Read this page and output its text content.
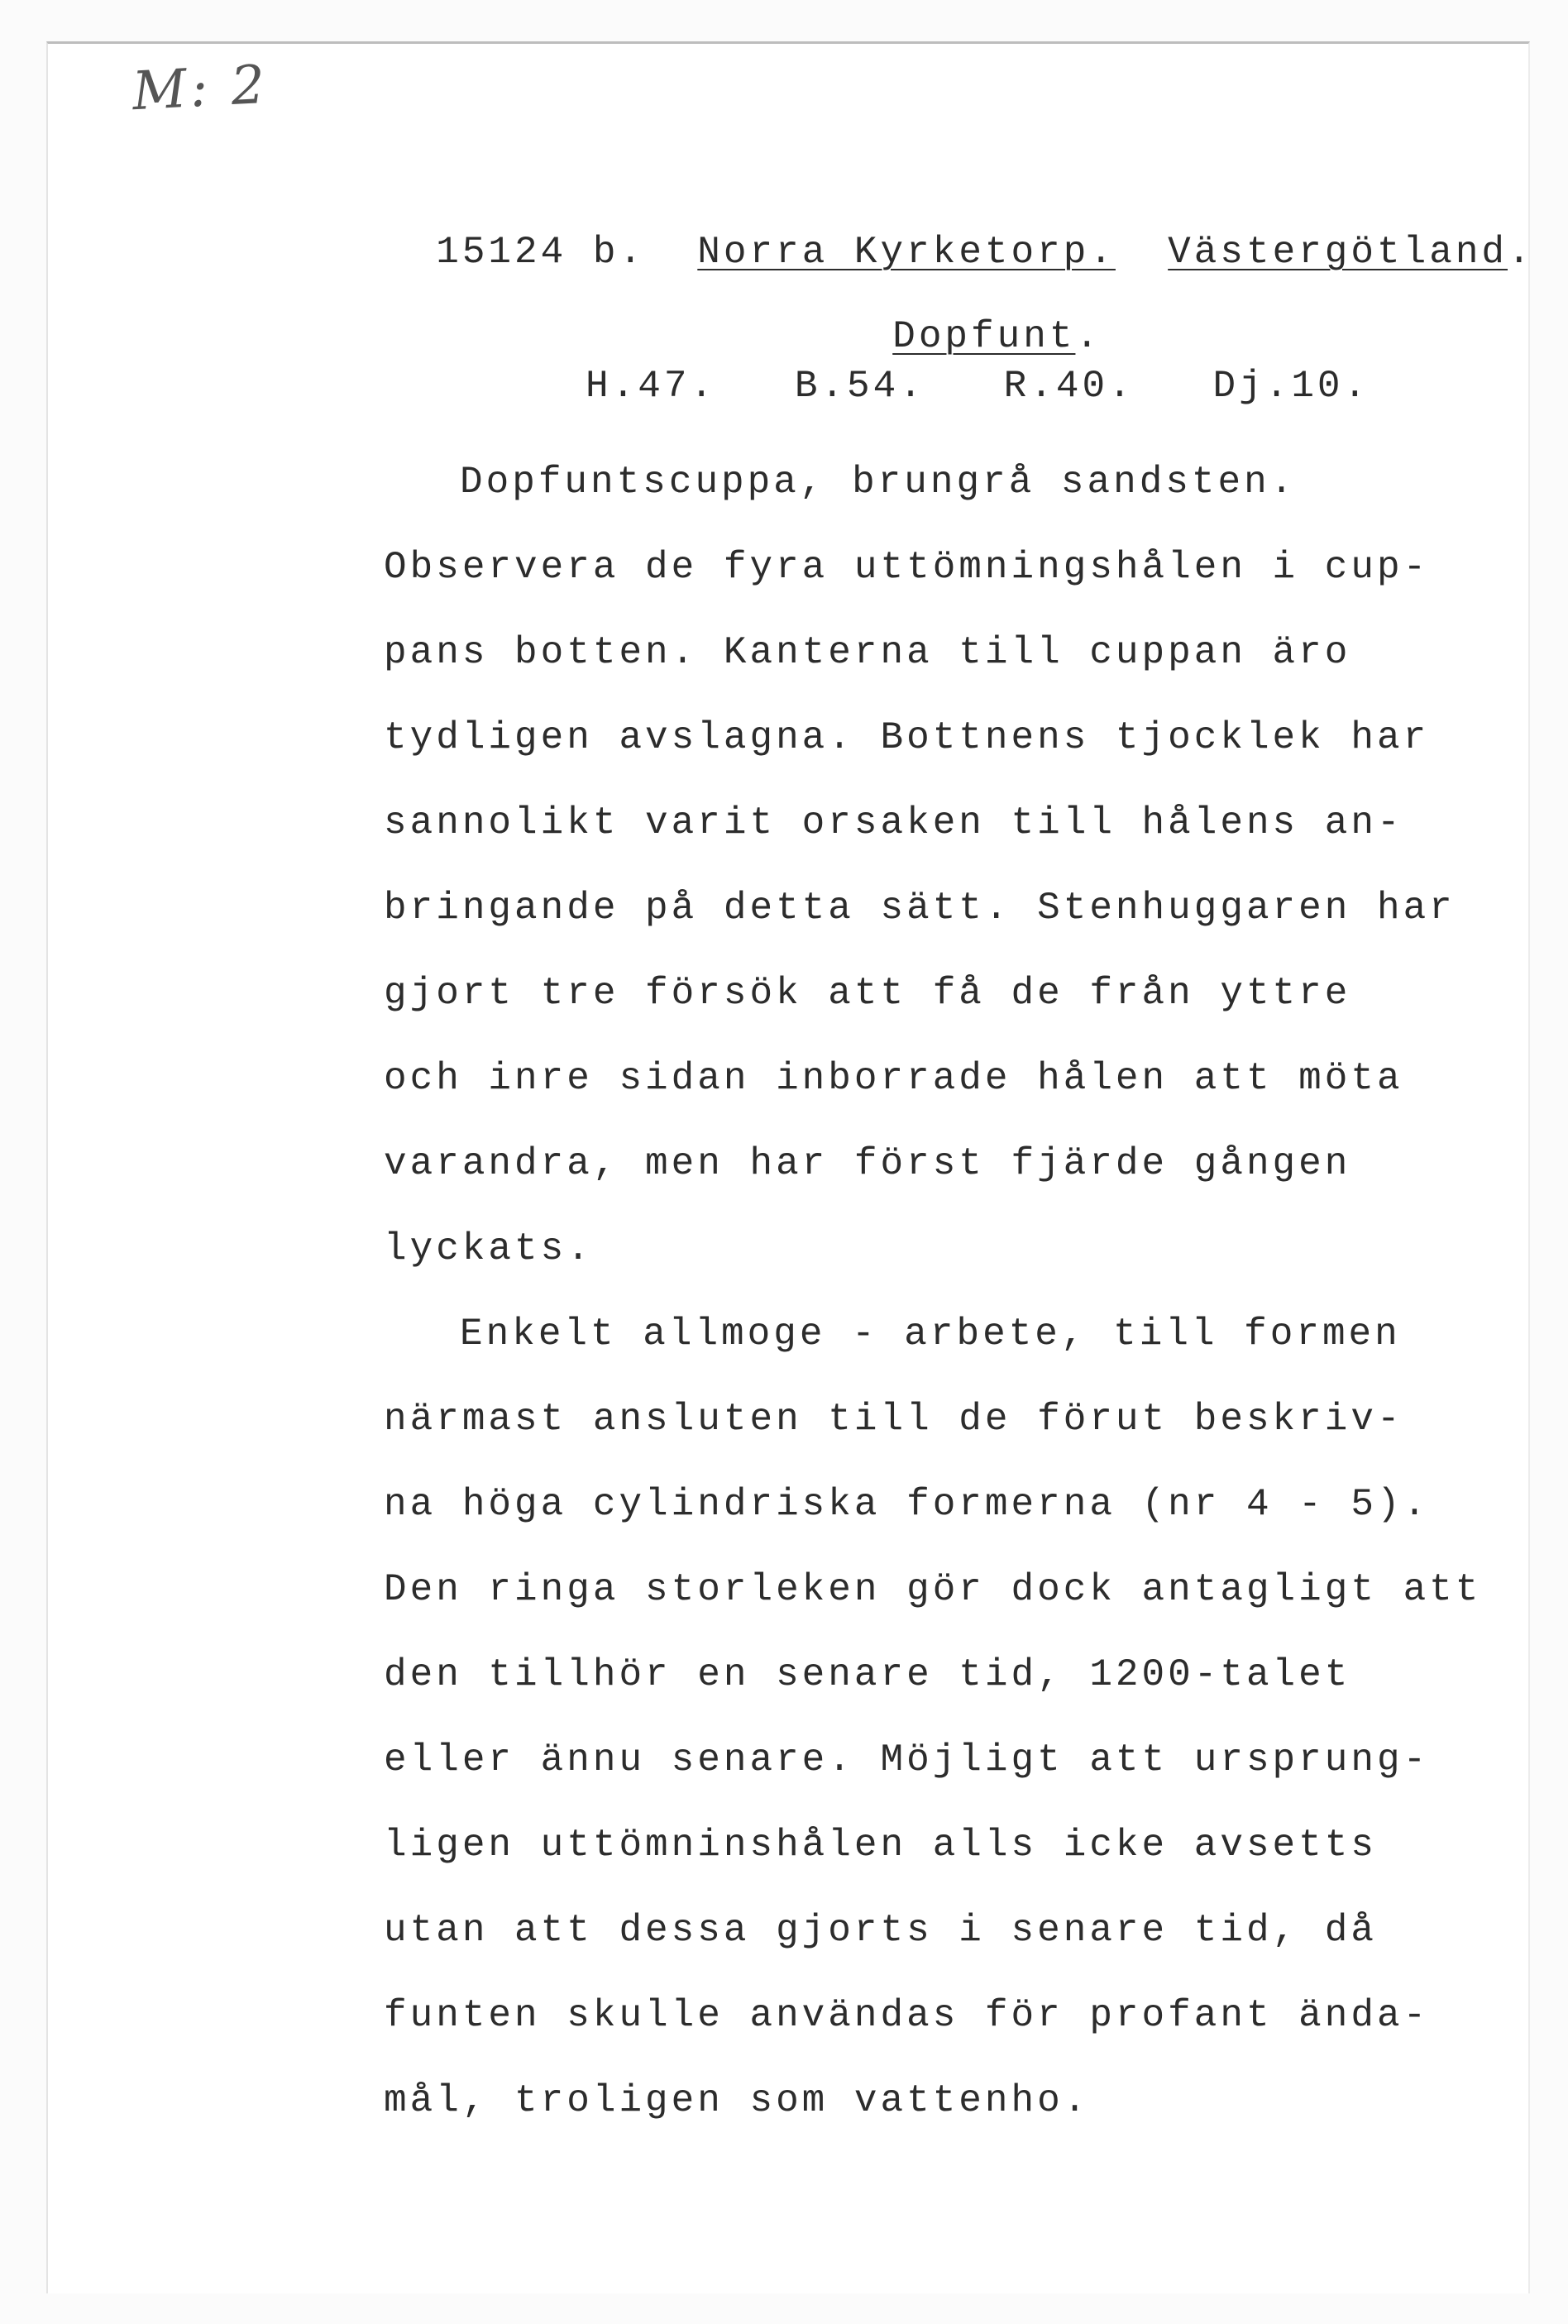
M: 2

15124 b. Norra Kyrketorp. Västergötland.

Dopfunt.

H.47.   B.54.   R.40.   Dj.10.
Dopfuntscuppa, brungrå sandsten.
Observera de fyra uttömningshålen i cup-
pans botten. Kanterna till cuppan äro
tydligen avslagna. Bottnens tjocklek har
sannolikt varit orsaken till hålens an-
bringande på detta sätt. Stenhuggaren har
gjort tre försök att få de från yttre
och inre sidan inborrade hålen att möta
varandra, men har först fjärde gången
lyckats.
Enkelt allmoge - arbete, till formen
närmast ansluten till de förut beskriv-
na höga cylindriska formerna (nr 4 - 5).
Den ringa storleken gör dock antagligt att
den tillhör en senare tid, 1200-talet
eller ännu senare. Möjligt att ursprung-
ligen uttömninshålen alls icke avsetts
utan att dessa gjorts i senare tid, då
funten skulle användas för profant ända-
mål, troligen som vattenho.
